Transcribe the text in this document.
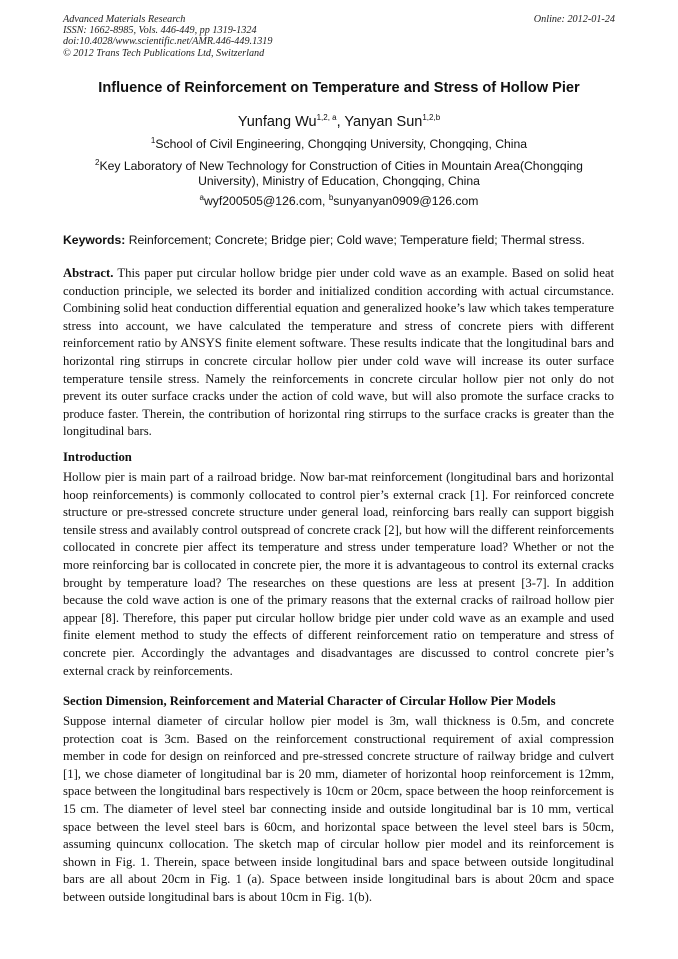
Advanced Materials Research
ISSN: 1662-8985, Vols. 446-449, pp 1319-1324
doi:10.4028/www.scientific.net/AMR.446-449.1319
© 2012 Trans Tech Publications Ltd, Switzerland
Online: 2012-01-24
Influence of Reinforcement on Temperature and Stress of Hollow Pier
Yunfang Wu$^{1,2, a}$, Yanyan Sun$^{1,2,b}$
$^1$School of Civil Engineering, Chongqing University, Chongqing, China
$^2$Key Laboratory of New Technology for Construction of Cities in Mountain Area(Chongqing
University), Ministry of Education, Chongqing, China
$^a$wyf200505@126.com, $^b$sunyanyan0909@126.com
Keywords: Reinforcement; Concrete; Bridge pier; Cold wave; Temperature field; Thermal stress.
Abstract. This paper put circular hollow bridge pier under cold wave as an example. Based on solid heat conduction principle, we selected its border and initialized condition according with actual circumstance. Combining solid heat conduction differential equation and generalized hooke’s law which takes temperature stress into account, we have calculated the temperature and stress of concrete piers with different reinforcement ratio by ANSYS finite element software. These results indicate that the longitudinal bars and horizontal ring stirrups in concrete circular hollow pier under cold wave will increase its outer surface temperature tensile stress. Namely the reinforcements in concrete circular hollow pier not only do not prevent its outer surface cracks under the action of cold wave, but will also promote the surface cracks to produce faster. Therein, the contribution of horizontal ring stirrups to the surface cracks is greater than the longitudinal bars.
Introduction
Hollow pier is main part of a railroad bridge. Now bar-mat reinforcement (longitudinal bars and horizontal hoop reinforcements) is commonly collocated to control pier’s external crack [1]. For reinforced concrete structure or pre-stressed concrete structure under general load, reinforcing bars really can support biggish tensile stress and availably control outspread of concrete crack [2], but how will the different reinforcements collocated in concrete pier affect its temperature and stress under temperature load? Whether or not the more reinforcing bar is collocated in concrete pier, the more it is advantageous to control its external cracks brought by temperature load? The researches on these questions are less at present [3-7]. In addition because the cold wave action is one of the primary reasons that the external cracks of railroad hollow pier appear [8]. Therefore, this paper put circular hollow bridge pier under cold wave as an example and used finite element method to study the effects of different reinforcement ratio on temperature and stress of concrete pier. Accordingly the advantages and disadvantages are discussed to control concrete pier’s external crack by reinforcements.
Section Dimension, Reinforcement and Material Character of Circular Hollow Pier Models
Suppose internal diameter of circular hollow pier model is 3m, wall thickness is 0.5m, and concrete protection coat is 3cm. Based on the reinforcement constructional requirement of axial compression member in code for design on reinforced and pre-stressed concrete structure of railway bridge and culvert [1], we chose diameter of longitudinal bar is 20 mm, diameter of horizontal hoop reinforcement is 12mm, space between the longitudinal bars respectively is 10cm or 20cm, space between the hoop reinforcement is 15 cm. The diameter of level steel bar connecting inside and outside longitudinal bar is 10 mm, vertical space between the level steel bars is 60cm, and horizontal space between the level steel bars is 50cm, assuming quincunx collocation. The sketch map of circular hollow pier model and its reinforcement is shown in Fig. 1. Therein, space between inside longitudinal bars and space between outside longitudinal bars are all about 20cm in Fig. 1 (a). Space between inside longitudinal bars is about 20cm and space between outside longitudinal bars is about 10cm in Fig. 1(b).
